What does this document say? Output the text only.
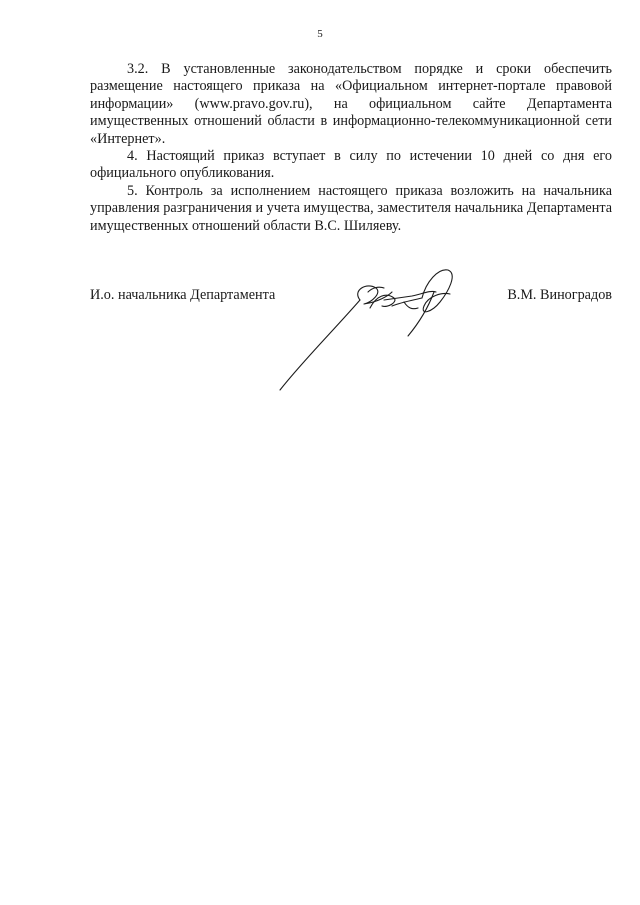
5

3.2. В установленные законодательством порядке и сроки обеспечить размещение настоящего приказа на «Официальном интернет-портале правовой информации» (www.pravo.gov.ru), на официальном сайте Департамента имущественных отношений области в информационно-телекоммуникационной сети «Интернет».

4. Настоящий приказ вступает в силу по истечении 10 дней со дня его официального опубликования.

5. Контроль за исполнением настоящего приказа возложить на начальника управления разграничения и учета имущества, заместителя начальника Департамента имущественных отношений области В.С. Шиляеву.

И.о. начальника Департамента	В.М. Виноградов
